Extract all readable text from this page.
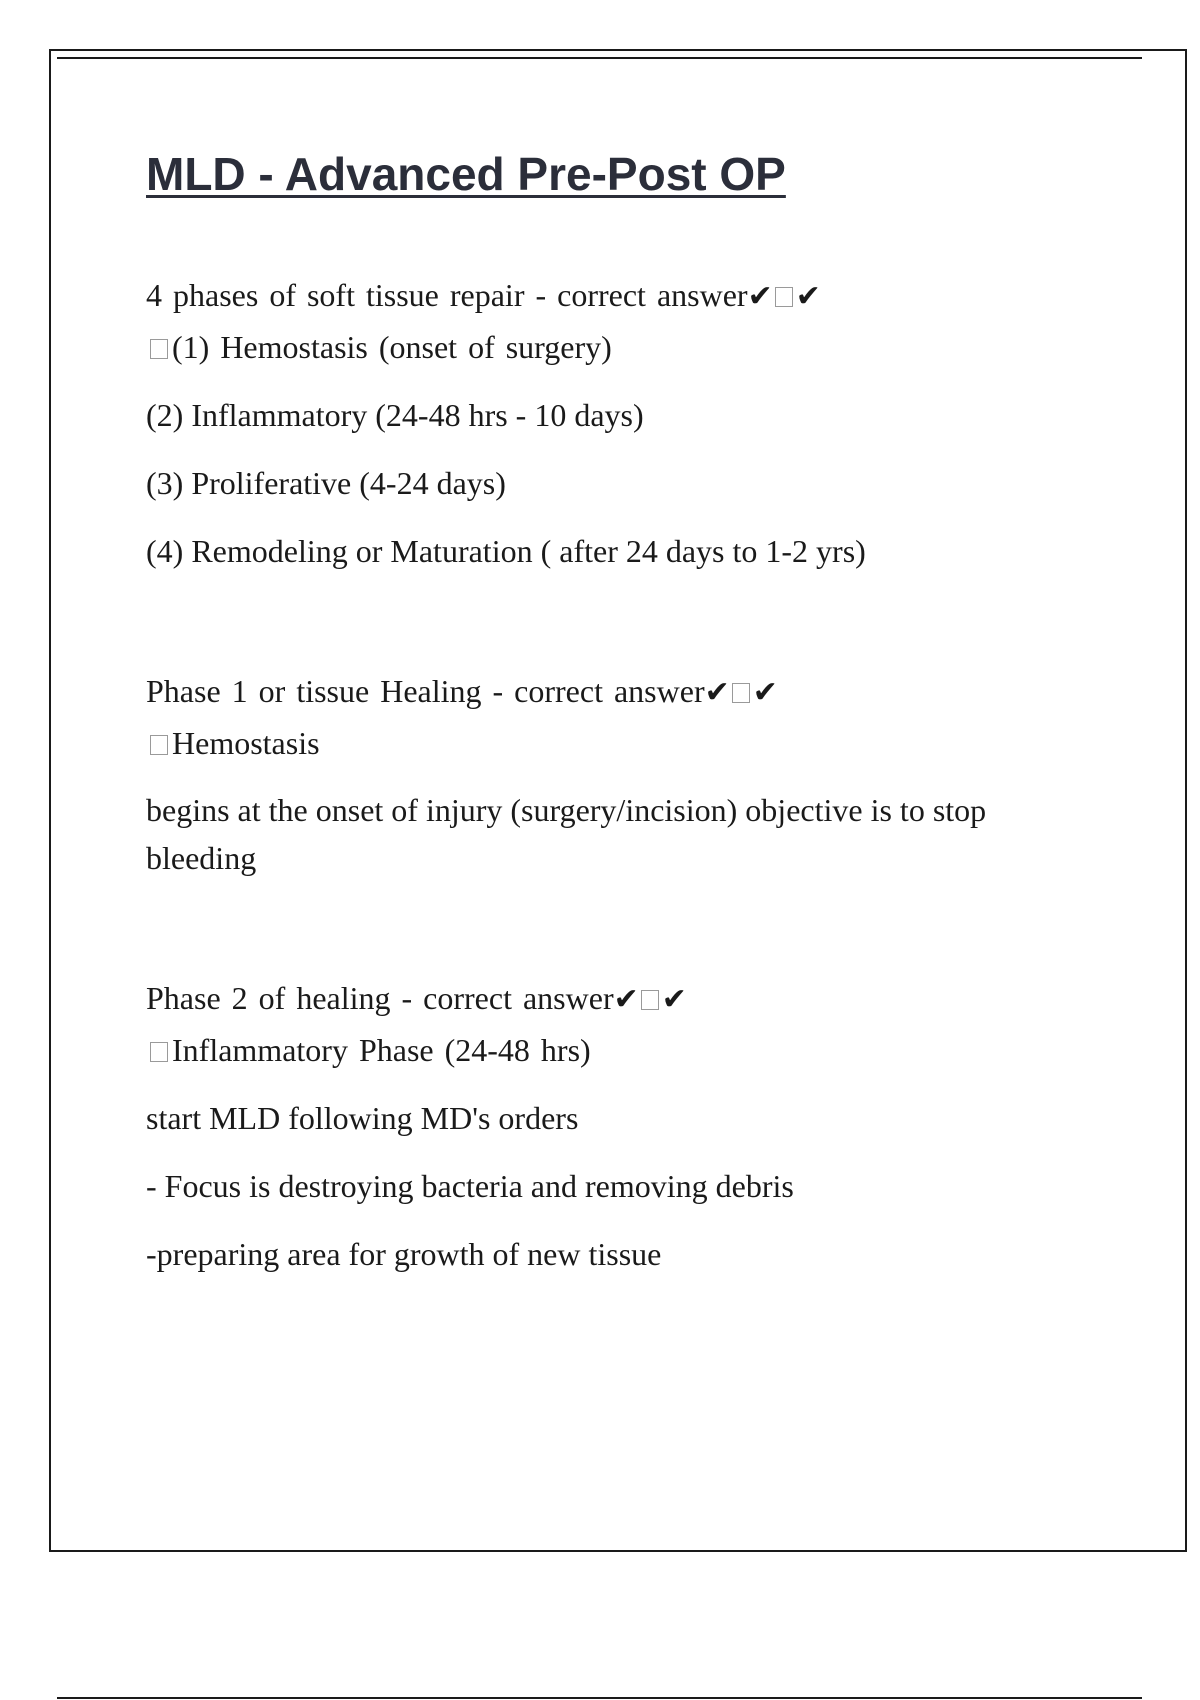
MLD - Advanced Pre-Post OP

4 phases of soft tissue repair - correct answer✔ ✔
(1) Hemostasis (onset of surgery)

(2) Inflammatory (24-48 hrs - 10 days)

(3) Proliferative (4-24 days)

(4) Remodeling or Maturation ( after 24 days to 1-2 yrs)

Phase 1 or tissue Healing - correct answer✔ ✔
Hemostasis

begins at the onset of injury (surgery/incision) objective is to stop bleeding

Phase 2 of healing - correct answer✔ ✔
Inflammatory Phase (24-48 hrs)

start MLD following MD's orders

- Focus is destroying bacteria and removing debris

-preparing area for growth of new tissue
